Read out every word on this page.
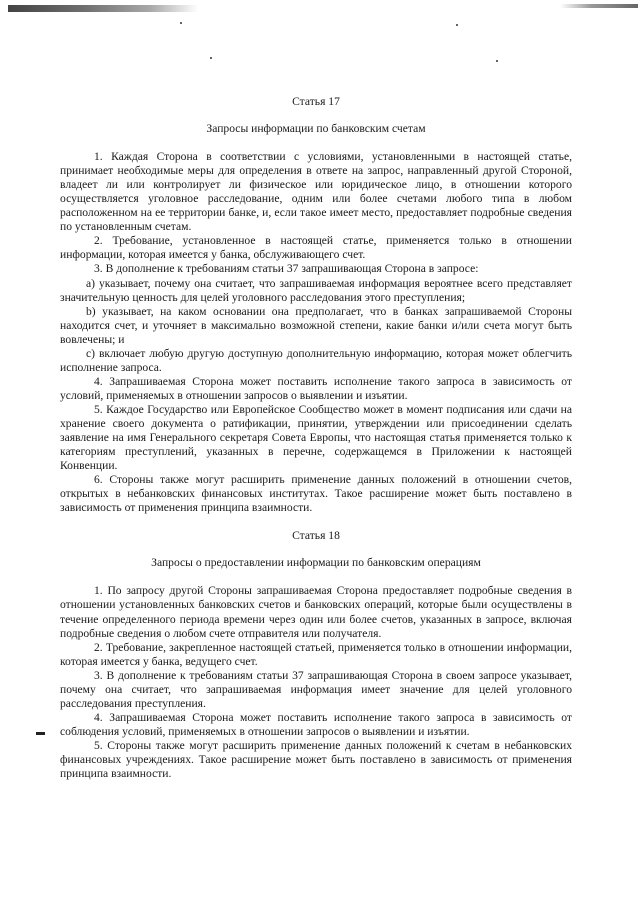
Статья 17

Запросы информации по банковским счетам

1. Каждая Сторона в соответствии с условиями, установленными в настоящей статье, принимает необходимые меры для определения в ответе на запрос, направленный другой Стороной, владеет ли или контролирует ли физическое или юридическое лицо, в отношении которого осуществляется уголовное расследование, одним или более счетами любого типа в любом расположенном на ее территории банке, и, если такое имеет место, предоставляет подробные сведения по установленным счетам.

2. Требование, установленное в настоящей статье, применяется только в отношении информации, которая имеется у банка, обслуживающего счет.

3. В дополнение к требованиям статьи 37 запрашивающая Сторона в запросе:

а) указывает, почему она считает, что запрашиваемая информация вероятнее всего представляет значительную ценность для целей уголовного расследования этого преступления;

b) указывает, на каком основании она предполагает, что в банках запрашиваемой Стороны находится счет, и уточняет в максимально возможной степени, какие банки и/или счета могут быть вовлечены; и

с) включает любую другую доступную дополнительную информацию, которая может облегчить исполнение запроса.

4. Запрашиваемая Сторона может поставить исполнение такого запроса в зависимость от условий, применяемых в отношении запросов о выявлении и изъятии.

5. Каждое Государство или Европейское Сообщество может в момент подписания или сдачи на хранение своего документа о ратификации, принятии, утверждении или присоединении сделать заявление на имя Генерального секретаря Совета Европы, что настоящая статья применяется только к категориям преступлений, указанных в перечне, содержащемся в Приложении к настоящей Конвенции.

6. Стороны также могут расширить применение данных положений в отношении счетов, открытых в небанковских финансовых институтах. Такое расширение может быть поставлено в зависимость от применения принципа взаимности.

Статья 18

Запросы о предоставлении информации по банковским операциям

1. По запросу другой Стороны запрашиваемая Сторона предоставляет подробные сведения в отношении установленных банковских счетов и банковских операций, которые были осуществлены в течение определенного периода времени через один или более счетов, указанных в запросе, включая подробные сведения о любом счете отправителя или получателя.

2. Требование, закрепленное настоящей статьей, применяется только в отношении информации, которая имеется у банка, ведущего счет.

3. В дополнение к требованиям статьи 37 запрашивающая Сторона в своем запросе указывает, почему она считает, что запрашиваемая информация имеет значение для целей уголовного расследования преступления.

4. Запрашиваемая Сторона может поставить исполнение такого запроса в зависимость от соблюдения условий, применяемых в отношении запросов о выявлении и изъятии.

5. Стороны также могут расширить применение данных положений к счетам в небанковских финансовых учреждениях. Такое расширение может быть поставлено в зависимость от применения принципа взаимности.
